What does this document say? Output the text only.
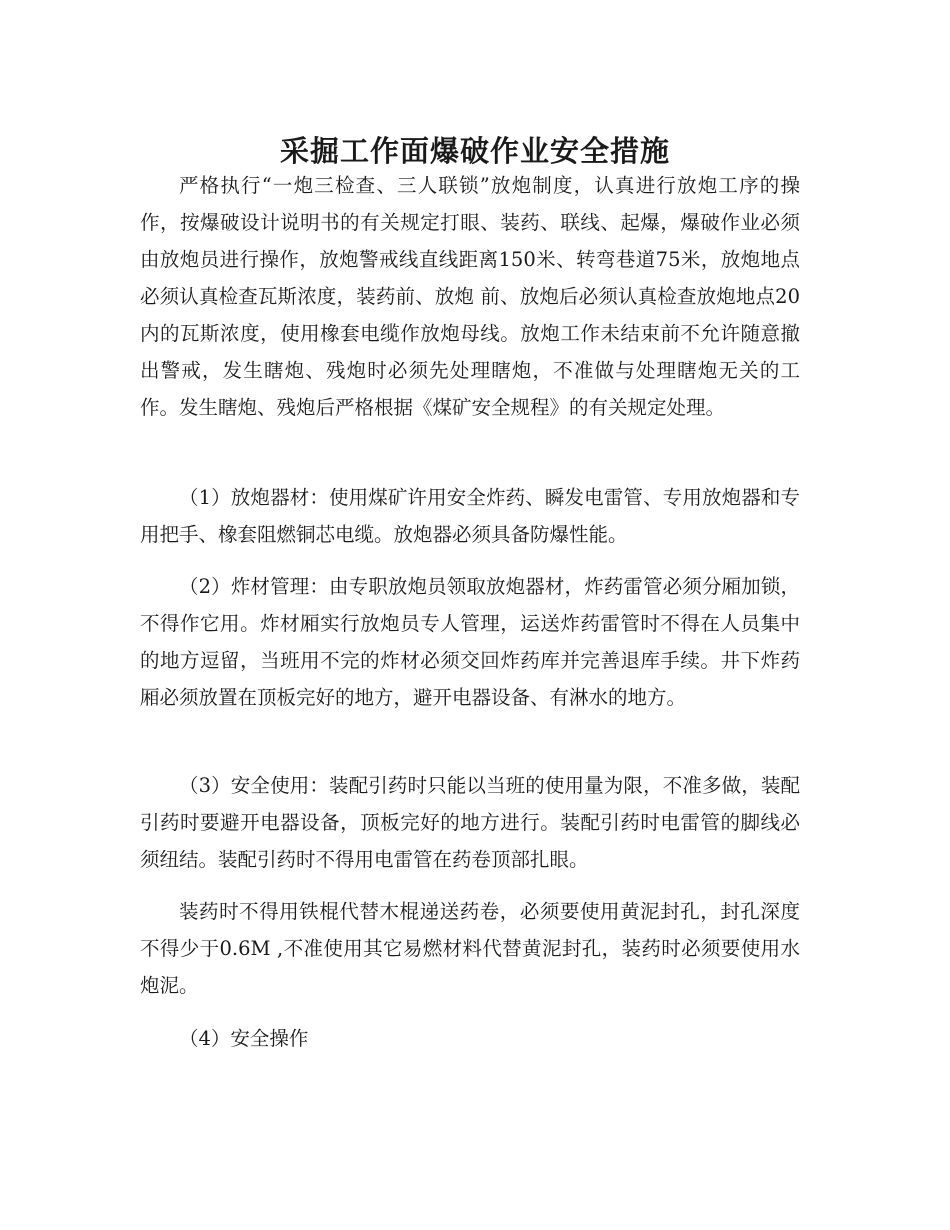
采掘工作面爆破作业安全措施

严格执行“一炮三检查、三人联锁”放炮制度，认真进行放炮工序的操作，按爆破设计说明书的有关规定打眼、装药、联线、起爆，爆破作业必须由放炮员进行操作，放炮警戒线直线距离150米、转弯巷道75米，放炮地点必须认真检查瓦斯浓度，装药前、放炮 前、放炮后必须认真检查放炮地点20内的瓦斯浓度，使用橡套电缆作放炮母线。放炮工作未结束前不允许随意撤出警戒，发生瞎炮、残炮时必须先处理瞎炮，不准做与处理瞎炮无关的工作。发生瞎炮、残炮后严格根据《煤矿安全规程》的有关规定处理。

（1）放炮器材：使用煤矿许用安全炸药、瞬发电雷管、专用放炮器和专用把手、橡套阻燃铜芯电缆。放炮器必须具备防爆性能。

（2）炸材管理：由专职放炮员领取放炮器材，炸药雷管必须分厢加锁，不得作它用。炸材厢实行放炮员专人管理，运送炸药雷管时不得在人员集中的地方逗留，当班用不完的炸材必须交回炸药库并完善退库手续。井下炸药厢必须放置在顶板完好的地方，避开电器设备、有淋水的地方。

（3）安全使用：装配引药时只能以当班的使用量为限，不准多做，装配引药时要避开电器设备，顶板完好的地方进行。装配引药时电雷管的脚线必须纽结。装配引药时不得用电雷管在药卷顶部扎眼。

装药时不得用铁棍代替木棍递送药卷，必须要使用黄泥封孔，封孔深度不得少于0.6M ,不准使用其它易燃材料代替黄泥封孔，装药时必须要使用水炮泥。

（4）安全操作
